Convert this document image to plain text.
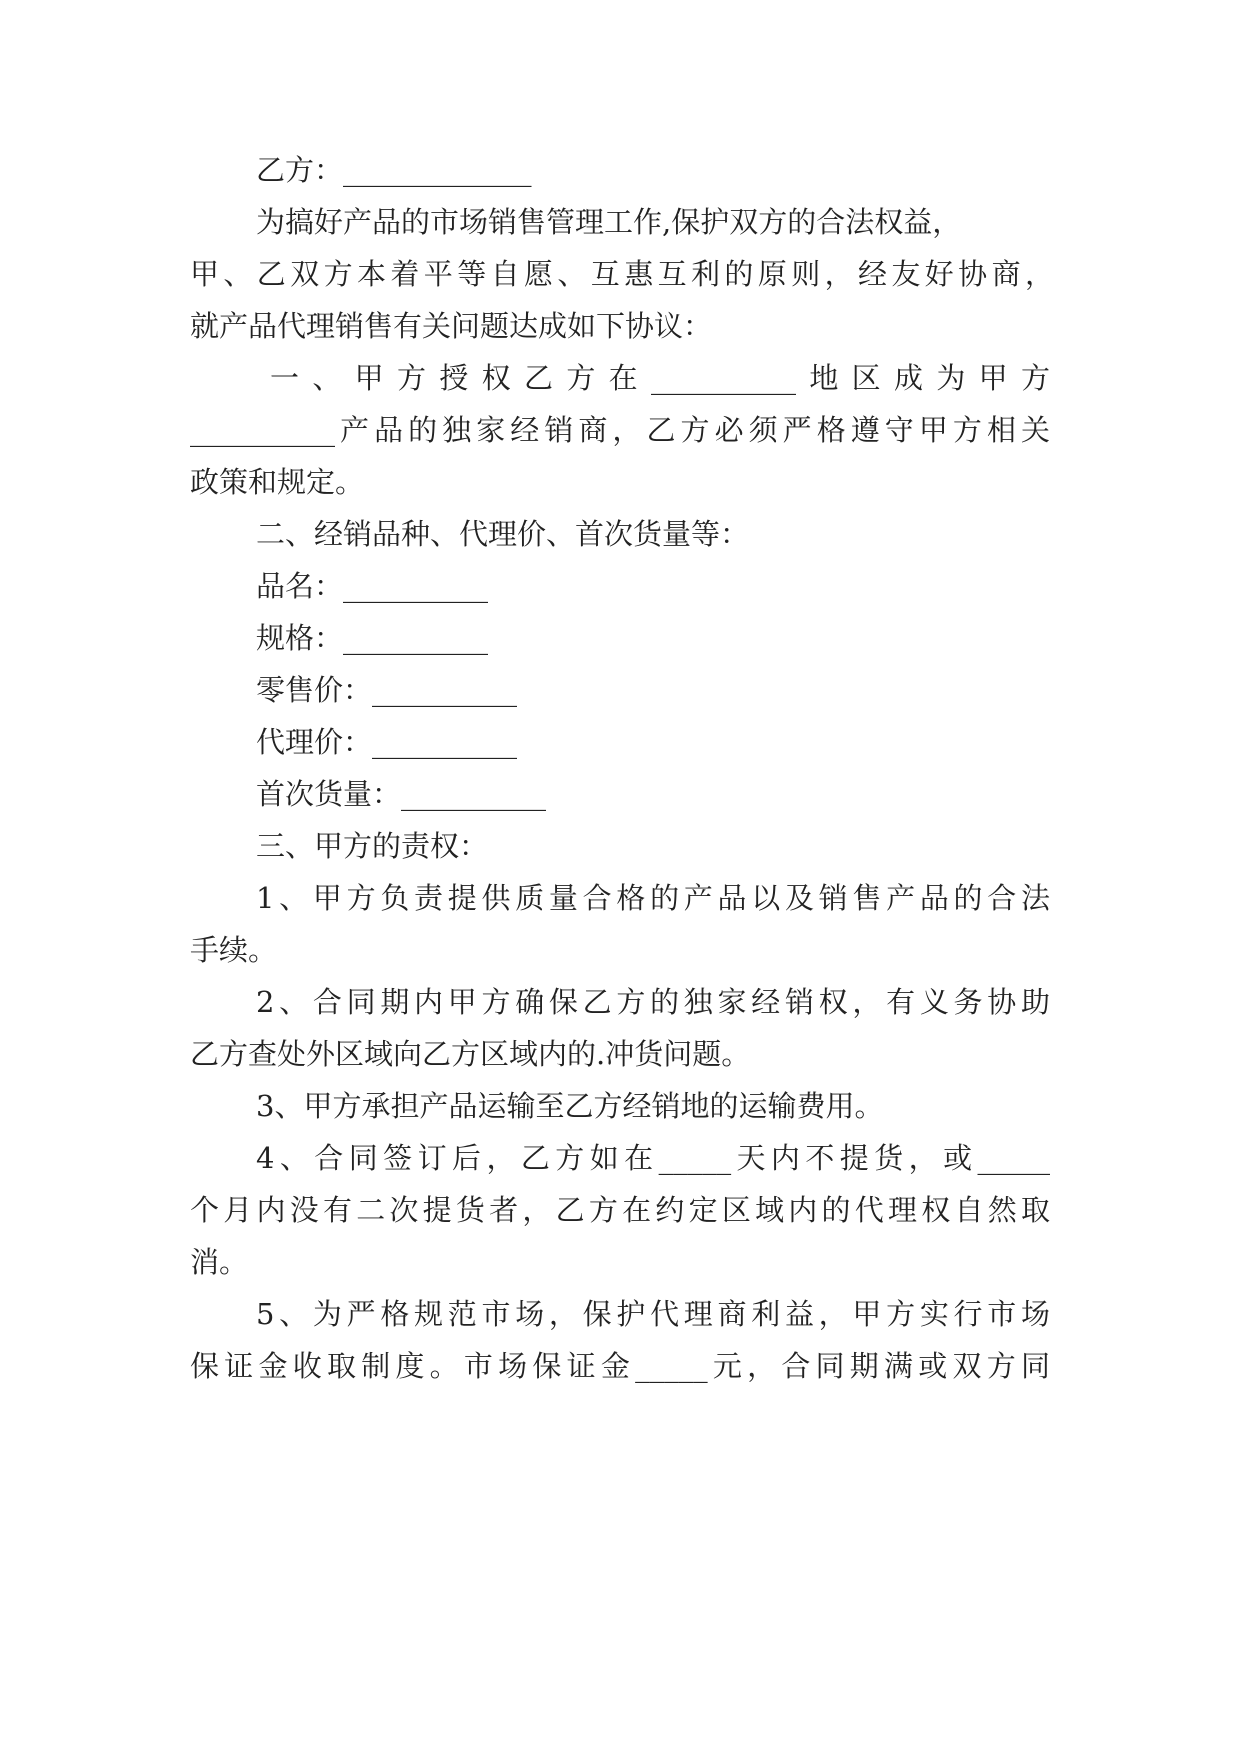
乙方：_____________
为搞好产品的市场销售管理工作,保护双方的合法权益，
甲、乙双方本着平等自愿、互惠互利的原则，经友好协商，
就产品代理销售有关问题达成如下协议：
一、甲方授权乙方在__________地区成为甲方
__________产品的独家经销商，乙方必须严格遵守甲方相关
政策和规定。
二、经销品种、代理价、首次货量等：
品名：__________
规格：__________
零售价：__________
代理价：__________
首次货量：__________
三、甲方的责权：
1、甲方负责提供质量合格的产品以及销售产品的合法
手续。
2、合同期内甲方确保乙方的独家经销权，有义务协助
乙方查处外区域向乙方区域内的.冲货问题。
3、甲方承担产品运输至乙方经销地的运输费用。
4、合同签订后，乙方如在_____天内不提货，或_____
个月内没有二次提货者，乙方在约定区域内的代理权自然取
消。
5、为严格规范市场，保护代理商利益，甲方实行市场
保证金收取制度。市场保证金_____元，合同期满或双方同
